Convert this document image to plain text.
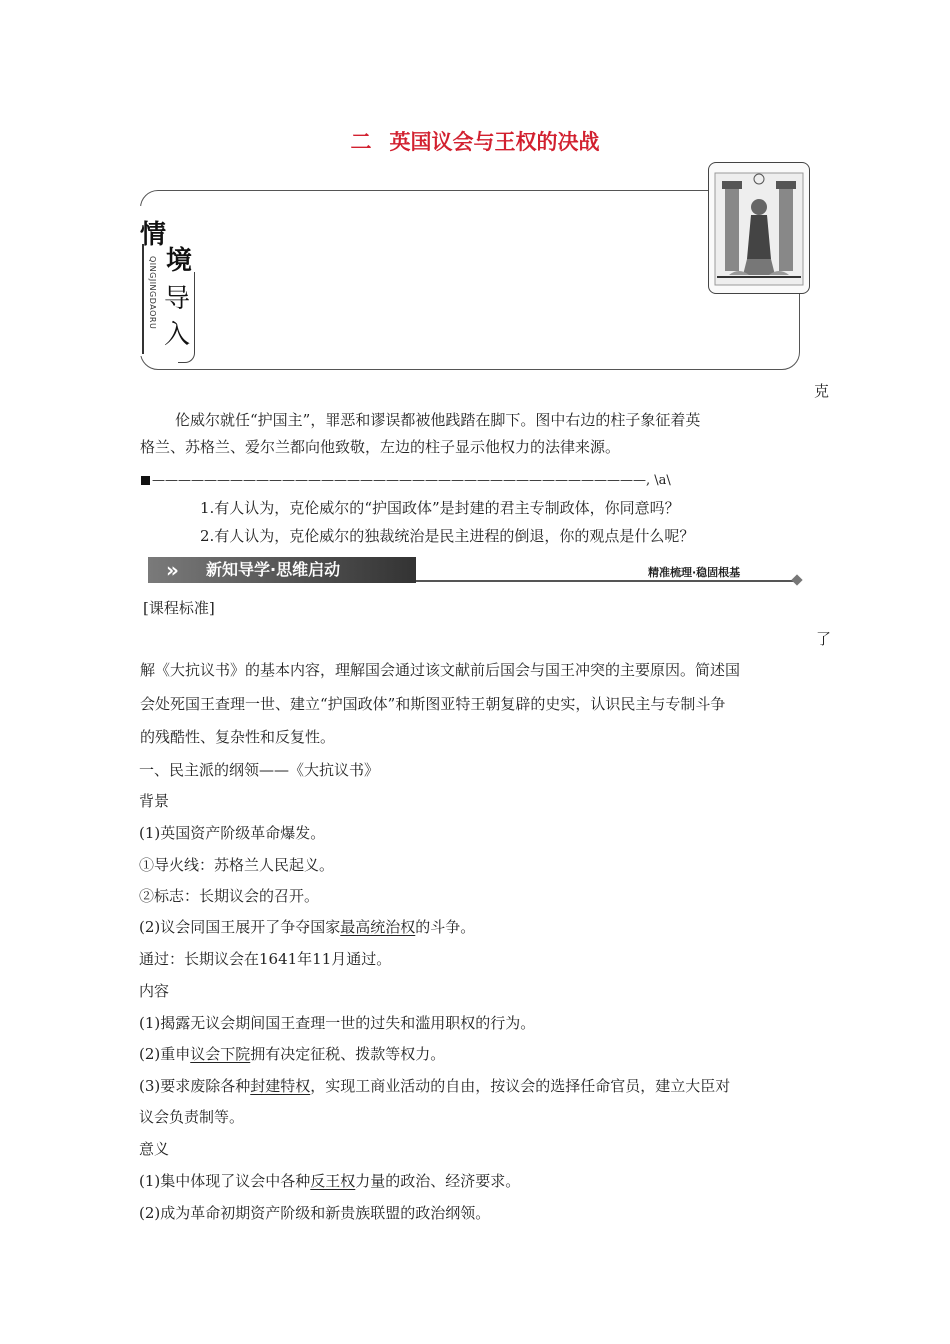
二 英国议会与王权的决战
情
境
导
入
QINGJINGDAORU
克
伦威尔就任“护国主”，罪恶和谬误都被他践踏在脚下。图中右边的柱子象征着英
格兰、苏格兰、爱尔兰都向他致敬，左边的柱子显示他权力的法律来源。
——————————————————————————————————————, \a\
1.有人认为，克伦威尔的“护国政体”是封建的君主专制政体，你同意吗？
2.有人认为，克伦威尔的独裁统治是民主进程的倒退，你的观点是什么呢？
» 新知导学·思维启动	精准梳理·稳固根基
[课程标准]
了
解《大抗议书》的基本内容，理解国会通过该文献前后国会与国王冲突的主要原因。简述国
会处死国王查理一世、建立“护国政体”和斯图亚特王朝复辟的史实，认识民主与专制斗争
的残酷性、复杂性和反复性。
一、民主派的纲领——《大抗议书》
背景
(1)英国资产阶级革命爆发。
①导火线：苏格兰人民起义。
②标志：长期议会的召开。
(2)议会同国王展开了争夺国家最高统治权的斗争。
通过：长期议会在1641年11月通过。
内容
(1)揭露无议会期间国王查理一世的过失和滥用职权的行为。
(2)重申议会下院拥有决定征税、拨款等权力。
(3)要求废除各种封建特权，实现工商业活动的自由，按议会的选择任命官员，建立大臣对
议会负责制等。
意义
(1)集中体现了议会中各种反王权力量的政治、经济要求。
(2)成为革命初期资产阶级和新贵族联盟的政治纲领。
